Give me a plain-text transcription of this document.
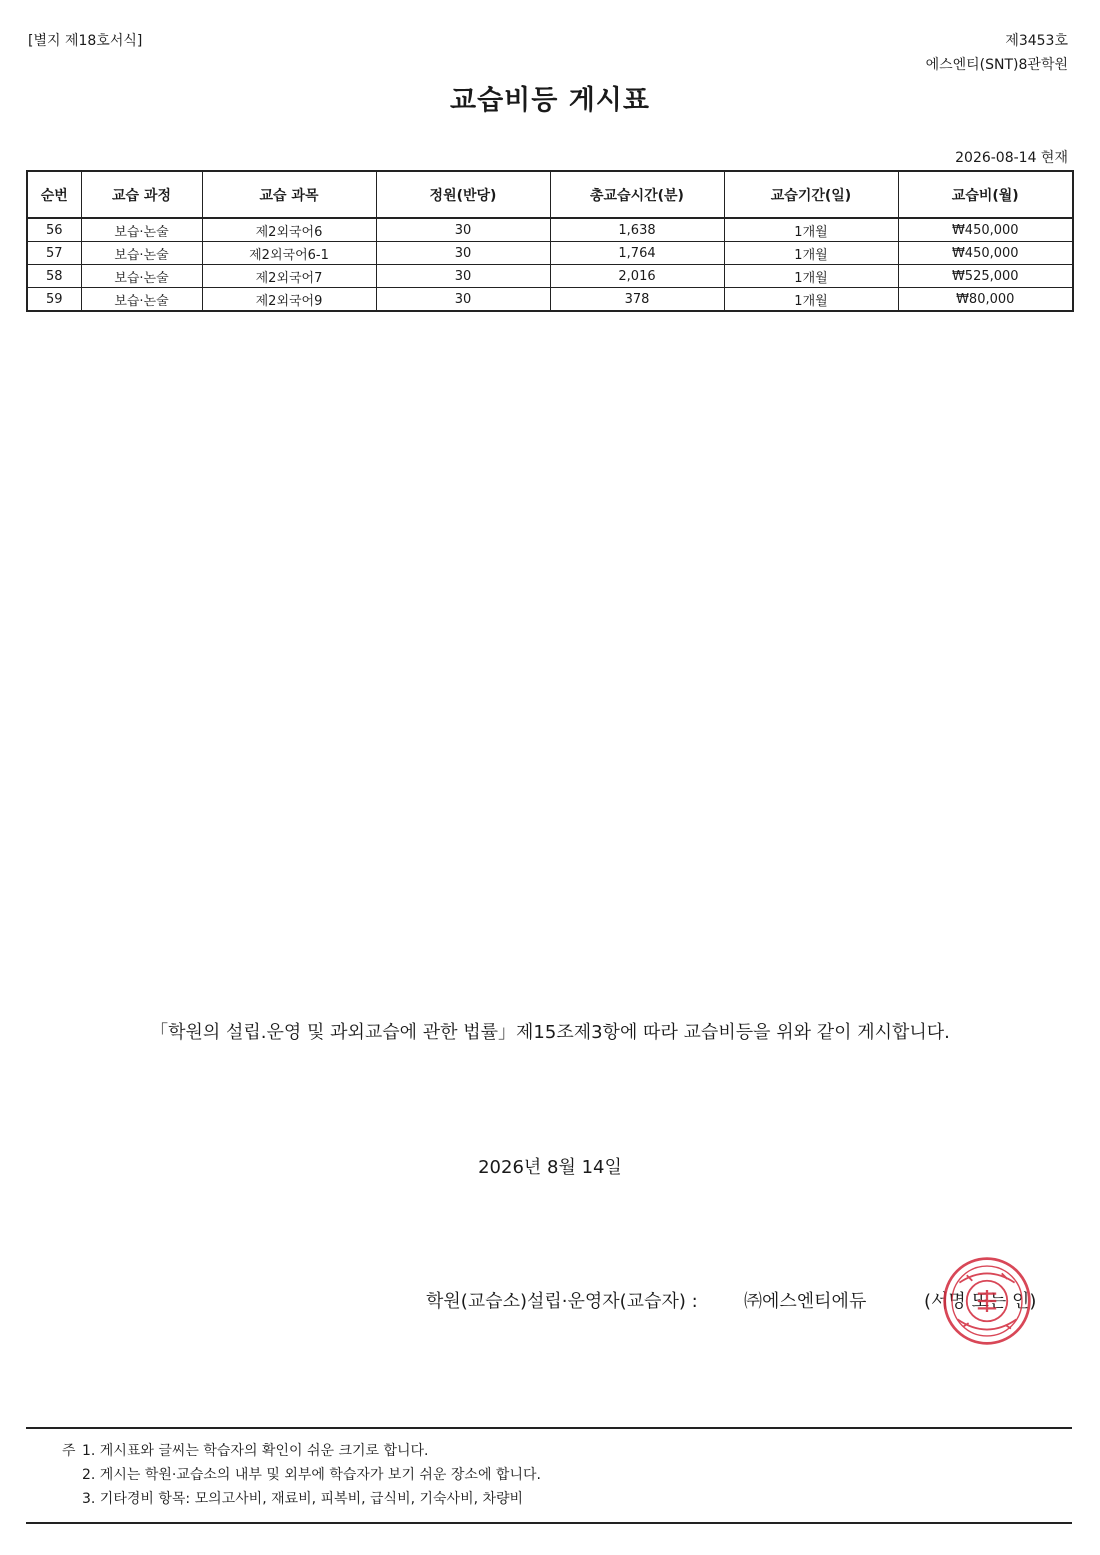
[별지 제18호서식]	제3453호
에스엔티(SNT)8관학원
교습비등 게시표
2026-08-14 현재
순번	교습 과정	교습 과목	정원(반당)	총교습시간(분)	교습기간(일)	교습비(월)
56	보습·논술	제2외국어6	30	1,638	1개월	₩450,000
57	보습·논술	제2외국어6-1	30	1,764	1개월	₩450,000
58	보습·논술	제2외국어7	30	2,016	1개월	₩525,000
59	보습·논술	제2외국어9	30	378	1개월	₩80,000
「학원의 설립.운영 및 과외교습에 관한 법률」제15조제3항에 따라 교습비등을 위와 같이 게시합니다.
2026년 8월 14일
학원(교습소)설립·운영자(교습자) :	㈜에스엔티에듀	(서명 또는 인)
주 1. 게시표와 글씨는 학습자의 확인이 쉬운 크기로 합니다.
2. 게시는 학원·교습소의 내부 및 외부에 학습자가 보기 쉬운 장소에 합니다.
3. 기타경비 항목: 모의고사비, 재료비, 피복비, 급식비, 기숙사비, 차량비
